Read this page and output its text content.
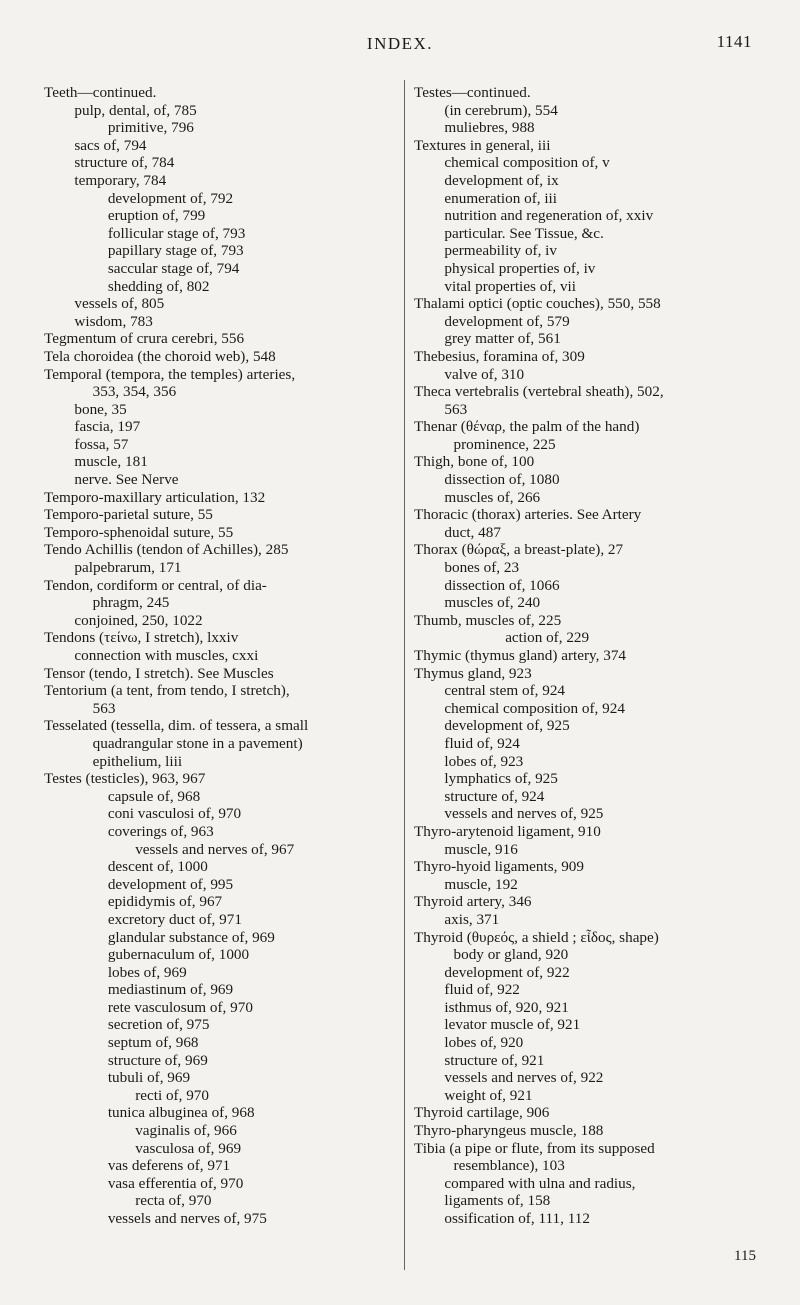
INDEX.	1141
Teeth—continued.
pulp, dental, of, 785
primitive, 796
sacs of, 794
structure of, 784
temporary, 784
development of, 792
eruption of, 799
follicular stage of, 793
papillary stage of, 793
saccular stage of, 794
shedding of, 802
vessels of, 805
wisdom, 783
Tegmentum of crura cerebri, 556
Tela choroidea (the choroid web), 548
Temporal (tempora, the temples) arteries,
353, 354, 356
bone, 35
fascia, 197
fossa, 57
muscle, 181
nerve. See Nerve
Temporo-maxillary articulation, 132
Temporo-parietal suture, 55
Temporo-sphenoidal suture, 55
Tendo Achillis (tendon of Achilles), 285
palpebrarum, 171
Tendon, cordiform or central, of dia-
phragm, 245
conjoined, 250, 1022
Tendons (τείνω, I stretch), lxxiv
connection with muscles, cxxi
Tensor (tendo, I stretch). See Muscles
Tentorium (a tent, from tendo, I stretch),
563
Tesselated (tessella, dim. of tessera, a small
quadrangular stone in a pavement)
epithelium, liii
Testes (testicles), 963, 967
capsule of, 968
coni vasculosi of, 970
coverings of, 963
vessels and nerves of, 967
descent of, 1000
development of, 995
epididymis of, 967
excretory duct of, 971
glandular substance of, 969
gubernaculum of, 1000
lobes of, 969
mediastinum of, 969
rete vasculosum of, 970
secretion of, 975
septum of, 968
structure of, 969
tubuli of, 969
recti of, 970
tunica albuginea of, 968
vaginalis of, 966
vasculosa of, 969
vas deferens of, 971
vasa efferentia of, 970
recta of, 970
vessels and nerves of, 975
Testes—continued.
(in cerebrum), 554
muliebres, 988
Textures in general, iii
chemical composition of, v
development of, ix
enumeration of, iii
nutrition and regeneration of, xxiv
particular. See Tissue, &c.
permeability of, iv
physical properties of, iv
vital properties of, vii
Thalami optici (optic couches), 550, 558
development of, 579
grey matter of, 561
Thebesius, foramina of, 309
valve of, 310
Theca vertebralis (vertebral sheath), 502,
563
Thenar (θέναρ, the palm of the hand)
prominence, 225
Thigh, bone of, 100
dissection of, 1080
muscles of, 266
Thoracic (thorax) arteries. See Artery
duct, 487
Thorax (θώραξ, a breast-plate), 27
bones of, 23
dissection of, 1066
muscles of, 240
Thumb, muscles of, 225
action of, 229
Thymic (thymus gland) artery, 374
Thymus gland, 923
central stem of, 924
chemical composition of, 924
development of, 925
fluid of, 924
lobes of, 923
lymphatics of, 925
structure of, 924
vessels and nerves of, 925
Thyro-arytenoid ligament, 910
muscle, 916
Thyro-hyoid ligaments, 909
muscle, 192
Thyroid artery, 346
axis, 371
Thyroid (θυρεός, a shield ; εἶδος, shape)
body or gland, 920
development of, 922
fluid of, 922
isthmus of, 920, 921
levator muscle of, 921
lobes of, 920
structure of, 921
vessels and nerves of, 922
weight of, 921
Thyroid cartilage, 906
Thyro-pharyngeus muscle, 188
Tibia (a pipe or flute, from its supposed
resemblance), 103
compared with ulna and radius,
ligaments of, 158
ossification of, 111, 112
115
